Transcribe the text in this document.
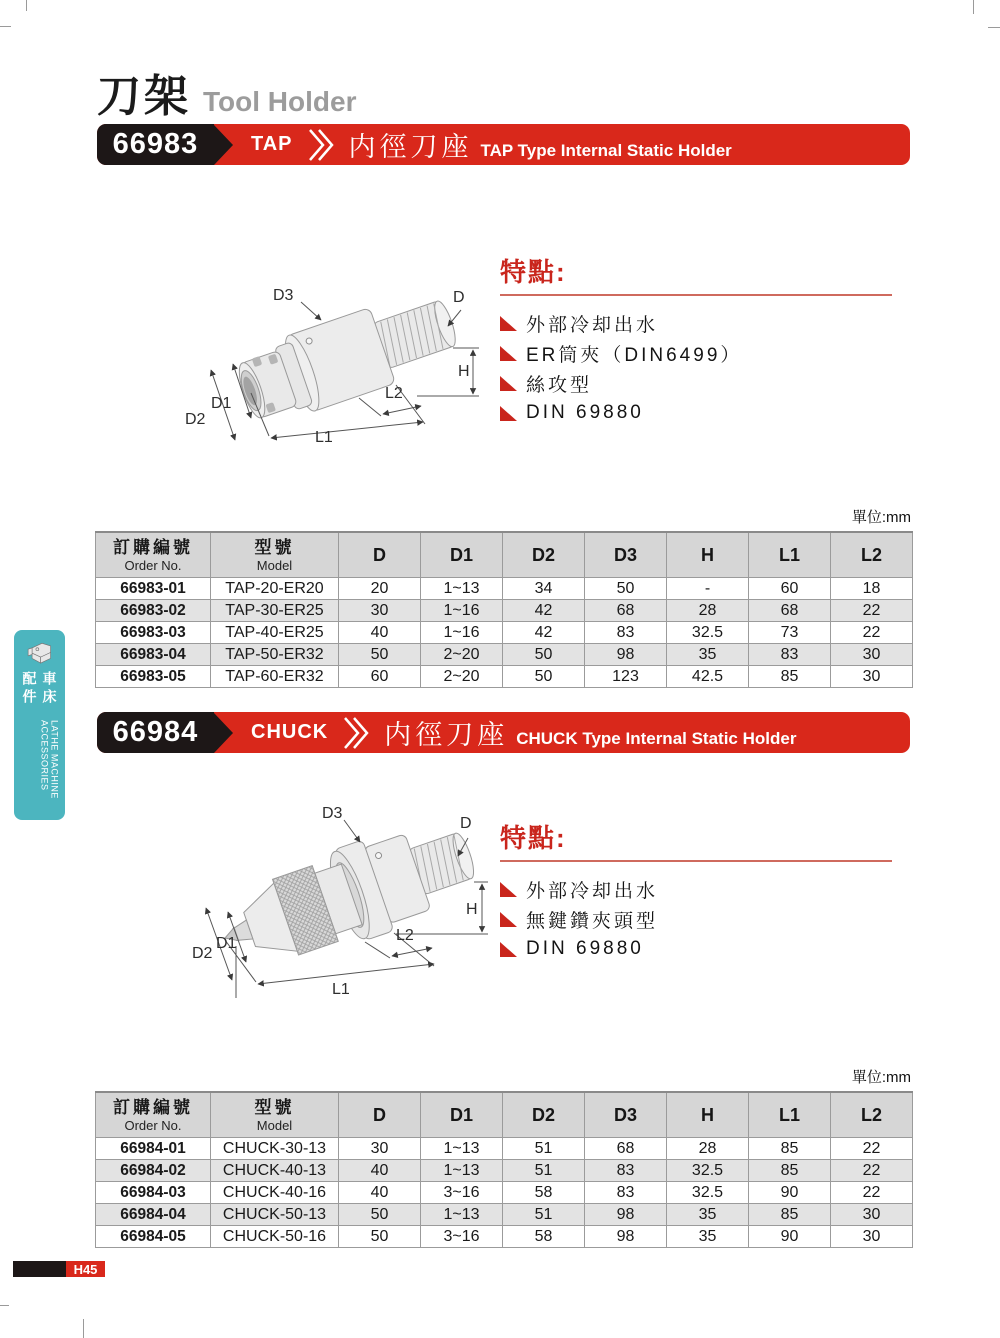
刀架 Tool Holder
66983	TAP 内徑刀座 TAP Type Internal Static Holder
D3	D
H
L2
L1
D1
D2
特點:
外部冷却出水
ER筒夾（DIN6499）
絲攻型
DIN 69880
單位:mm
訂購編號
Order No.

型號
Model
	D	D1	D2	D3	H	L1	L2
66983-01	TAP-20-ER20	20	1~13	34	50	-	60	18
66983-02	TAP-30-ER25	30	1~16	42	68	28	68	22
66983-03	TAP-40-ER25	40	1~16	42	83	32.5	73	22
66983-04	TAP-50-ER32	50	2~20	50	98	35	83	30
66983-05	TAP-60-ER32	60	2~20	50	123	42.5	85	30
66984	CHUCK 内徑刀座 CHUCK Type Internal Static Holder
車床配件
LATHE MACHINE ACCESSORIES
D3
D
H
L2
L1
D1
D2
特點:
外部冷却出水
無鍵鑽夾頭型
DIN 69880
單位:mm
訂購編號
Order No.

型號
Model
	D	D1	D2	D3	H	L1	L2
66984-01	CHUCK-30-13	30	1~13	51	68	28	85	22
66984-02	CHUCK-40-13	40	1~13	51	83	32.5	85	22
66984-03	CHUCK-40-16	40	3~16	58	83	32.5	90	22
66984-04	CHUCK-50-13	50	1~13	51	98	35	85	30
66984-05	CHUCK-50-16	50	3~16	58	98	35	90	30
H45
